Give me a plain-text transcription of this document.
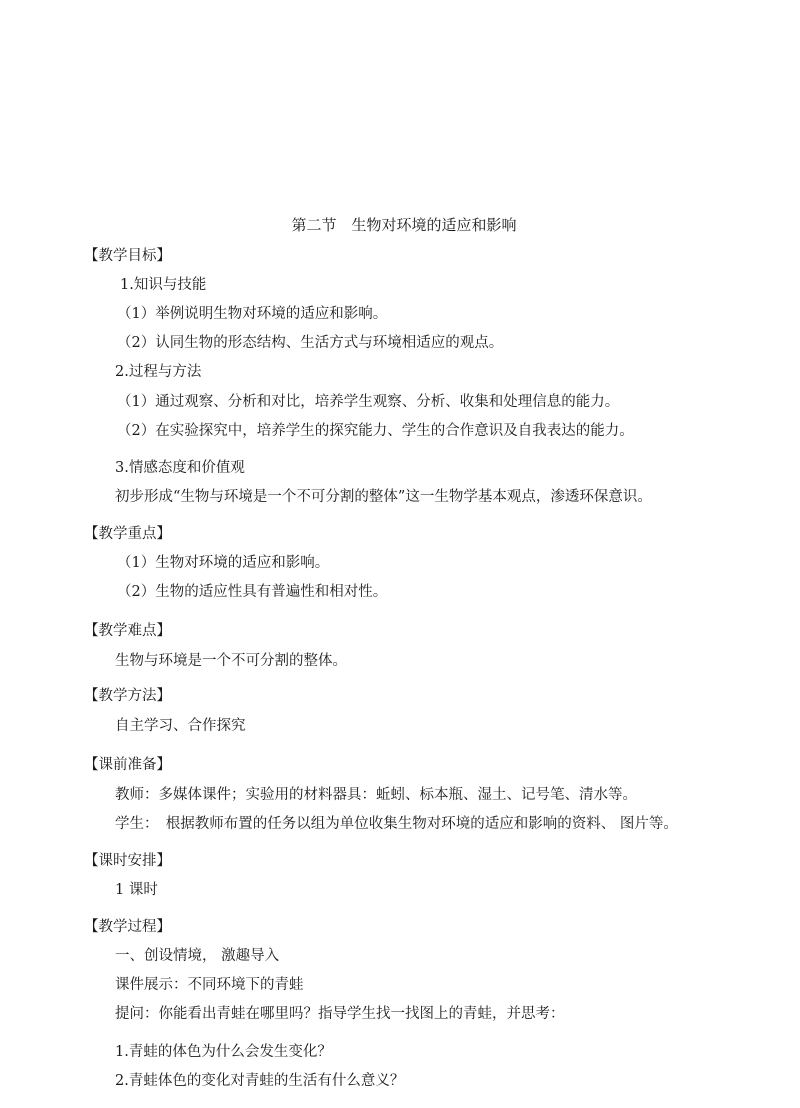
第二节　生物对环境的适应和影响
【教学目标】
1.知识与技能
（1）举例说明生物对环境的适应和影响。
（2）认同生物的形态结构、生活方式与环境相适应的观点。
2.过程与方法
（1）通过观察、分析和对比，培养学生观察、分析、收集和处理信息的能力。
（2）在实验探究中，培养学生的探究能力、学生的合作意识及自我表达的能力。
3.情感态度和价值观
初步形成“生物与环境是一个不可分割的整体”这一生物学基本观点，渗透环保意识。
【教学重点】
（1）生物对环境的适应和影响。
（2）生物的适应性具有普遍性和相对性。
【教学难点】
生物与环境是一个不可分割的整体。
【教学方法】
自主学习、合作探究
【课前准备】
教师：多媒体课件；实验用的材料器具：蚯蚓、标本瓶、湿土、记号笔、清水等。
学生：　根据教师布置的任务以组为单位收集生物对环境的适应和影响的资料、 图片等。
【课时安排】
1 课时
【教学过程】
一、创设情境， 激趣导入
课件展示：不同环境下的青蛙
提问：你能看出青蛙在哪里吗？指导学生找一找图上的青蛙，并思考：
1.青蛙的体色为什么会发生变化？
2.青蛙体色的变化对青蛙的生活有什么意义？
